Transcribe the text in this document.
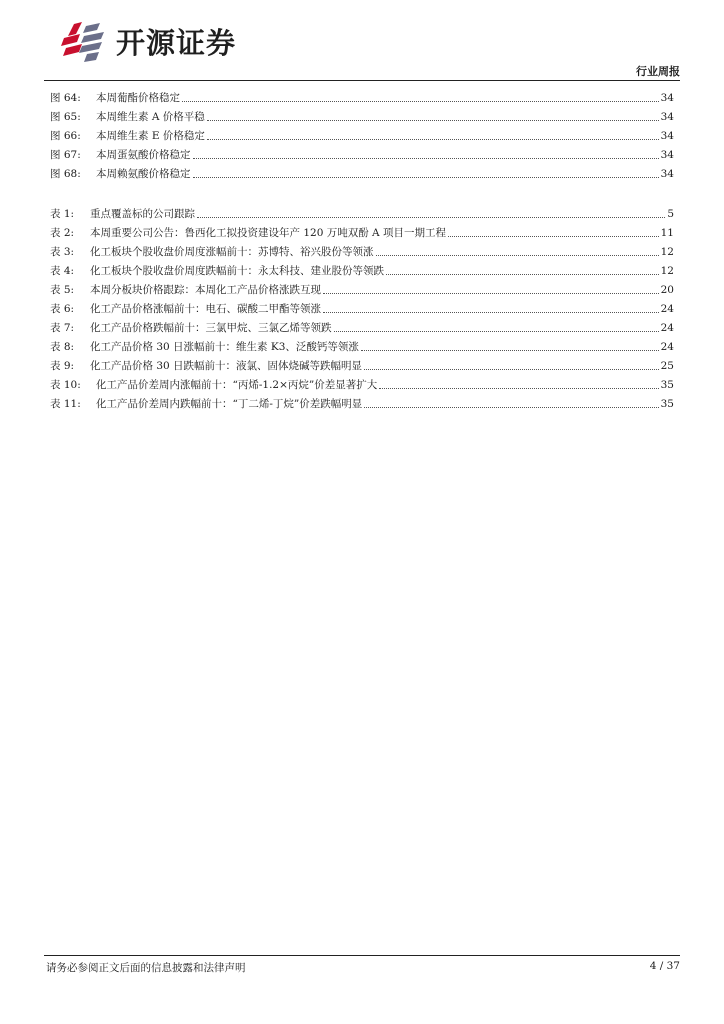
开源证券
行业周报
图 64:	本周葡酯价格稳定	34
图 65:	本周维生素 A 价格平稳	34
图 66:	本周维生素 E 价格稳定	34
图 67:	本周蛋氨酸价格稳定	34
图 68:	本周赖氨酸价格稳定	34
表 1:	重点覆盖标的公司跟踪	5
表 2:	本周重要公司公告：鲁西化工拟投资建设年产 120 万吨双酚 A 项目一期工程	11
表 3:	化工板块个股收盘价周度涨幅前十：苏博特、裕兴股份等领涨	12
表 4:	化工板块个股收盘价周度跌幅前十：永太科技、建业股份等领跌	12
表 5:	本周分板块价格跟踪：本周化工产品价格涨跌互现	20
表 6:	化工产品价格涨幅前十：电石、碳酸二甲酯等领涨	24
表 7:	化工产品价格跌幅前十：三氯甲烷、三氯乙烯等领跌	24
表 8:	化工产品价格 30 日涨幅前十：维生素 K3、泛酸钙等领涨	24
表 9:	化工产品价格 30 日跌幅前十：液氯、固体烧碱等跌幅明显	25
表 10:	化工产品价差周内涨幅前十：“丙烯-1.2×丙烷”价差显著扩大	35
表 11:	化工产品价差周内跌幅前十：“丁二烯-丁烷”价差跌幅明显	35
请务必参阅正文后面的信息披露和法律声明	4 / 37
